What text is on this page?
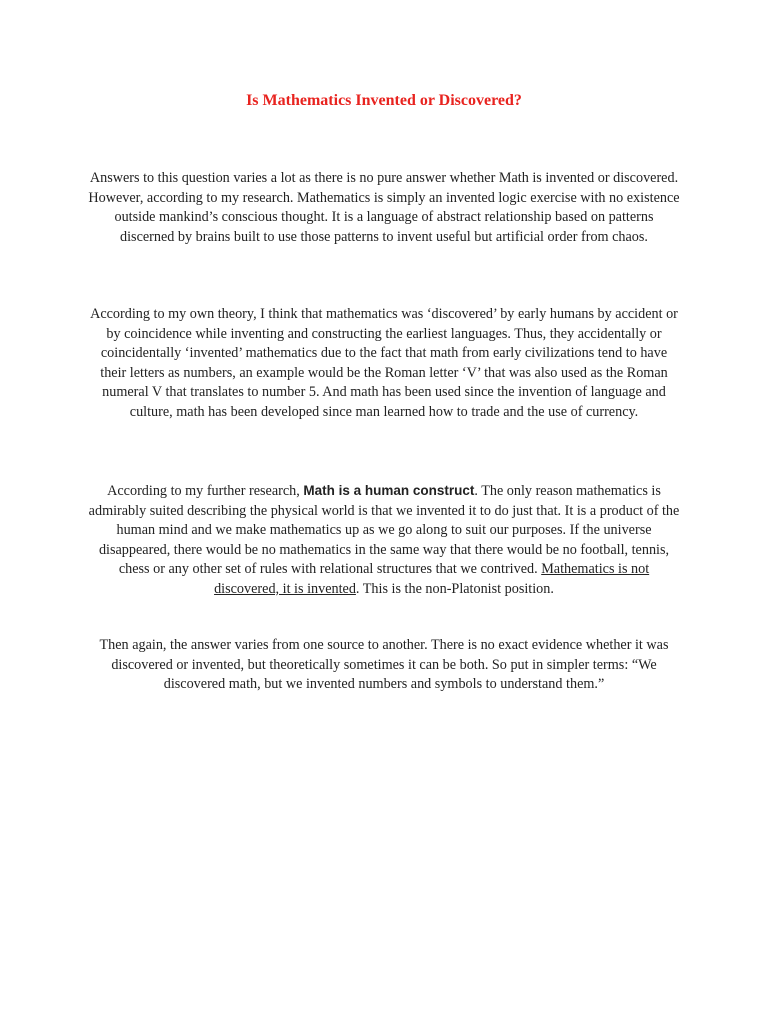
Is Mathematics Invented or Discovered?

Answers to this question varies a lot as there is no pure answer whether Math is invented or discovered. However, according to my research. Mathematics is simply an invented logic exercise with no existence outside mankind’s conscious thought. It is a language of abstract relationship based on patterns discerned by brains built to use those patterns to invent useful but artificial order from chaos.

According to my own theory, I think that mathematics was ‘discovered’ by early humans by accident or by coincidence while inventing and constructing the earliest languages. Thus, they accidentally or coincidentally ‘invented’ mathematics due to the fact that math from early civilizations tend to have their letters as numbers, an example would be the Roman letter ‘V’ that was also used as the Roman numeral V that translates to number 5. And math has been used since the invention of language and culture, math has been developed since man learned how to trade and the use of currency.

According to my further research, Math is a human construct. The only reason mathematics is admirably suited describing the physical world is that we invented it to do just that. It is a product of the human mind and we make mathematics up as we go along to suit our purposes. If the universe disappeared, there would be no mathematics in the same way that there would be no football, tennis, chess or any other set of rules with relational structures that we contrived. Mathematics is not discovered, it is invented. This is the non-Platonist position.

Then again, the answer varies from one source to another. There is no exact evidence whether it was discovered or invented, but theoretically sometimes it can be both. So put in simpler terms: “We discovered math, but we invented numbers and symbols to understand them.”
